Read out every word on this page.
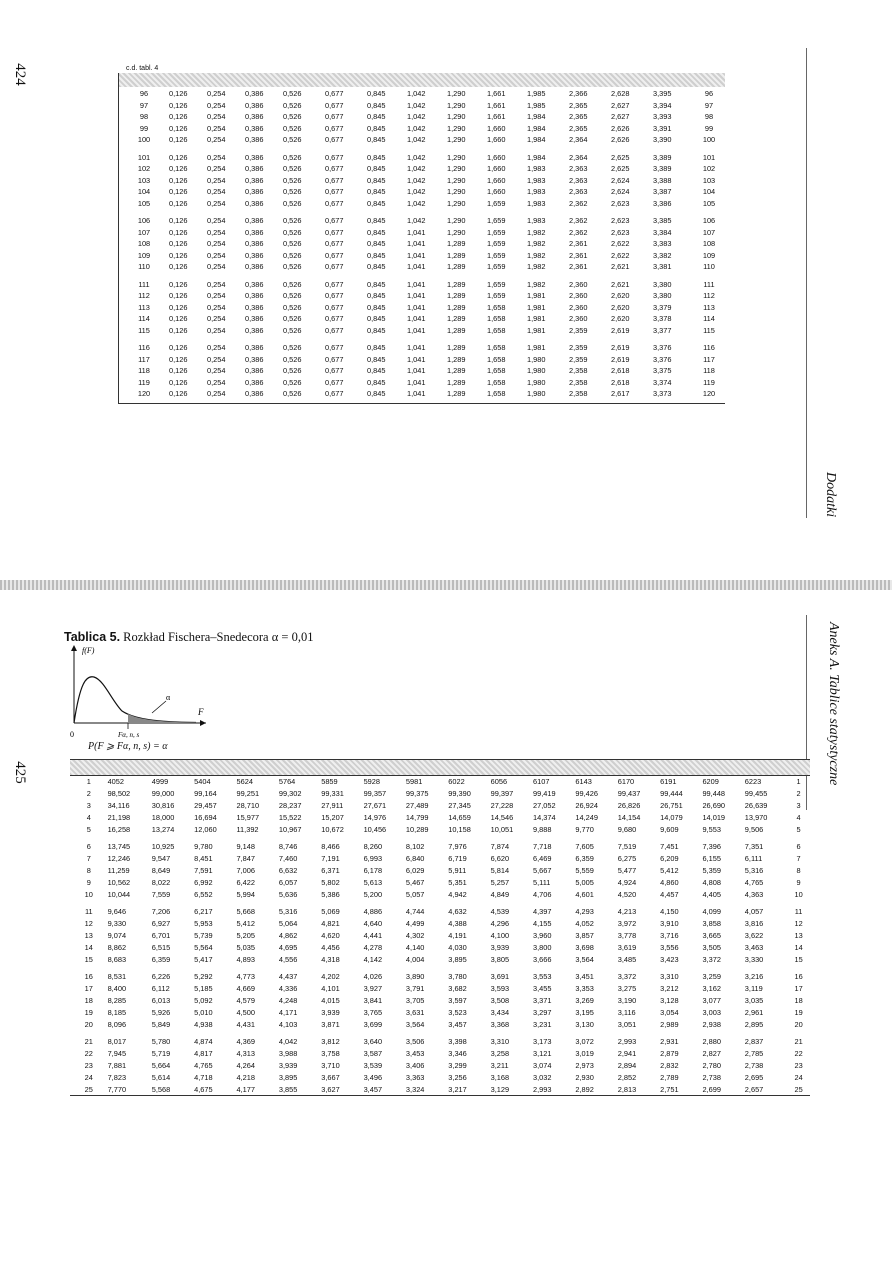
424
425
Dodatki
Aneks A. Tablice statystyczne
c.d. tabl. 4
96	0,126	0,254	0,386	0,526	0,677	0,845	1,042	1,290	1,661	1,985	2,366	2,628	3,395	96
97	0,126	0,254	0,386	0,526	0,677	0,845	1,042	1,290	1,661	1,985	2,365	2,627	3,394	97
98	0,126	0,254	0,386	0,526	0,677	0,845	1,042	1,290	1,661	1,984	2,365	2,627	3,393	98
99	0,126	0,254	0,386	0,526	0,677	0,845	1,042	1,290	1,660	1,984	2,365	2,626	3,391	99
100	0,126	0,254	0,386	0,526	0,677	0,845	1,042	1,290	1,660	1,984	2,364	2,626	3,390	100

101	0,126	0,254	0,386	0,526	0,677	0,845	1,042	1,290	1,660	1,984	2,364	2,625	3,389	101
102	0,126	0,254	0,386	0,526	0,677	0,845	1,042	1,290	1,660	1,983	2,363	2,625	3,389	102
103	0,126	0,254	0,386	0,526	0,677	0,845	1,042	1,290	1,660	1,983	2,363	2,624	3,388	103
104	0,126	0,254	0,386	0,526	0,677	0,845	1,042	1,290	1,660	1,983	2,363	2,624	3,387	104
105	0,126	0,254	0,386	0,526	0,677	0,845	1,042	1,290	1,659	1,983	2,362	2,623	3,386	105

106	0,126	0,254	0,386	0,526	0,677	0,845	1,042	1,290	1,659	1,983	2,362	2,623	3,385	106
107	0,126	0,254	0,386	0,526	0,677	0,845	1,041	1,290	1,659	1,982	2,362	2,623	3,384	107
108	0,126	0,254	0,386	0,526	0,677	0,845	1,041	1,289	1,659	1,982	2,361	2,622	3,383	108
109	0,126	0,254	0,386	0,526	0,677	0,845	1,041	1,289	1,659	1,982	2,361	2,622	3,382	109
110	0,126	0,254	0,386	0,526	0,677	0,845	1,041	1,289	1,659	1,982	2,361	2,621	3,381	110

111	0,126	0,254	0,386	0,526	0,677	0,845	1,041	1,289	1,659	1,982	2,360	2,621	3,380	111
112	0,126	0,254	0,386	0,526	0,677	0,845	1,041	1,289	1,659	1,981	2,360	2,620	3,380	112
113	0,126	0,254	0,386	0,526	0,677	0,845	1,041	1,289	1,658	1,981	2,360	2,620	3,379	113
114	0,126	0,254	0,386	0,526	0,677	0,845	1,041	1,289	1,658	1,981	2,360	2,620	3,378	114
115	0,126	0,254	0,386	0,526	0,677	0,845	1,041	1,289	1,658	1,981	2,359	2,619	3,377	115

116	0,126	0,254	0,386	0,526	0,677	0,845	1,041	1,289	1,658	1,981	2,359	2,619	3,376	116
117	0,126	0,254	0,386	0,526	0,677	0,845	1,041	1,289	1,658	1,980	2,359	2,619	3,376	117
118	0,126	0,254	0,386	0,526	0,677	0,845	1,041	1,289	1,658	1,980	2,358	2,618	3,375	118
119	0,126	0,254	0,386	0,526	0,677	0,845	1,041	1,289	1,658	1,980	2,358	2,618	3,374	119
120	0,126	0,254	0,386	0,526	0,677	0,845	1,041	1,289	1,658	1,980	2,358	2,617	3,373	120
Tablica 5. Rozkład Fischera–Snedecora α = 0,01
f(F)
α
F
0	Fα, n, s
P(F ⩾ Fα, n, s) = α
1	4052	4999	5404	5624	5764	5859	5928	5981	6022	6056	6107	6143	6170	6191	6209	6223	1
2	98,502	99,000	99,164	99,251	99,302	99,331	99,357	99,375	99,390	99,397	99,419	99,426	99,437	99,444	99,448	99,455	2
3	34,116	30,816	29,457	28,710	28,237	27,911	27,671	27,489	27,345	27,228	27,052	26,924	26,826	26,751	26,690	26,639	3
4	21,198	18,000	16,694	15,977	15,522	15,207	14,976	14,799	14,659	14,546	14,374	14,249	14,154	14,079	14,019	13,970	4
5	16,258	13,274	12,060	11,392	10,967	10,672	10,456	10,289	10,158	10,051	9,888	9,770	9,680	9,609	9,553	9,506	5

6	13,745	10,925	9,780	9,148	8,746	8,466	8,260	8,102	7,976	7,874	7,718	7,605	7,519	7,451	7,396	7,351	6
7	12,246	9,547	8,451	7,847	7,460	7,191	6,993	6,840	6,719	6,620	6,469	6,359	6,275	6,209	6,155	6,111	7
8	11,259	8,649	7,591	7,006	6,632	6,371	6,178	6,029	5,911	5,814	5,667	5,559	5,477	5,412	5,359	5,316	8
9	10,562	8,022	6,992	6,422	6,057	5,802	5,613	5,467	5,351	5,257	5,111	5,005	4,924	4,860	4,808	4,765	9
10	10,044	7,559	6,552	5,994	5,636	5,386	5,200	5,057	4,942	4,849	4,706	4,601	4,520	4,457	4,405	4,363	10

11	9,646	7,206	6,217	5,668	5,316	5,069	4,886	4,744	4,632	4,539	4,397	4,293	4,213	4,150	4,099	4,057	11
12	9,330	6,927	5,953	5,412	5,064	4,821	4,640	4,499	4,388	4,296	4,155	4,052	3,972	3,910	3,858	3,816	12
13	9,074	6,701	5,739	5,205	4,862	4,620	4,441	4,302	4,191	4,100	3,960	3,857	3,778	3,716	3,665	3,622	13
14	8,862	6,515	5,564	5,035	4,695	4,456	4,278	4,140	4,030	3,939	3,800	3,698	3,619	3,556	3,505	3,463	14
15	8,683	6,359	5,417	4,893	4,556	4,318	4,142	4,004	3,895	3,805	3,666	3,564	3,485	3,423	3,372	3,330	15

16	8,531	6,226	5,292	4,773	4,437	4,202	4,026	3,890	3,780	3,691	3,553	3,451	3,372	3,310	3,259	3,216	16
17	8,400	6,112	5,185	4,669	4,336	4,101	3,927	3,791	3,682	3,593	3,455	3,353	3,275	3,212	3,162	3,119	17
18	8,285	6,013	5,092	4,579	4,248	4,015	3,841	3,705	3,597	3,508	3,371	3,269	3,190	3,128	3,077	3,035	18
19	8,185	5,926	5,010	4,500	4,171	3,939	3,765	3,631	3,523	3,434	3,297	3,195	3,116	3,054	3,003	2,961	19
20	8,096	5,849	4,938	4,431	4,103	3,871	3,699	3,564	3,457	3,368	3,231	3,130	3,051	2,989	2,938	2,895	20

21	8,017	5,780	4,874	4,369	4,042	3,812	3,640	3,506	3,398	3,310	3,173	3,072	2,993	2,931	2,880	2,837	21
22	7,945	5,719	4,817	4,313	3,988	3,758	3,587	3,453	3,346	3,258	3,121	3,019	2,941	2,879	2,827	2,785	22
23	7,881	5,664	4,765	4,264	3,939	3,710	3,539	3,406	3,299	3,211	3,074	2,973	2,894	2,832	2,780	2,738	23
24	7,823	5,614	4,718	4,218	3,895	3,667	3,496	3,363	3,256	3,168	3,032	2,930	2,852	2,789	2,738	2,695	24
25	7,770	5,568	4,675	4,177	3,855	3,627	3,457	3,324	3,217	3,129	2,993	2,892	2,813	2,751	2,699	2,657	25
